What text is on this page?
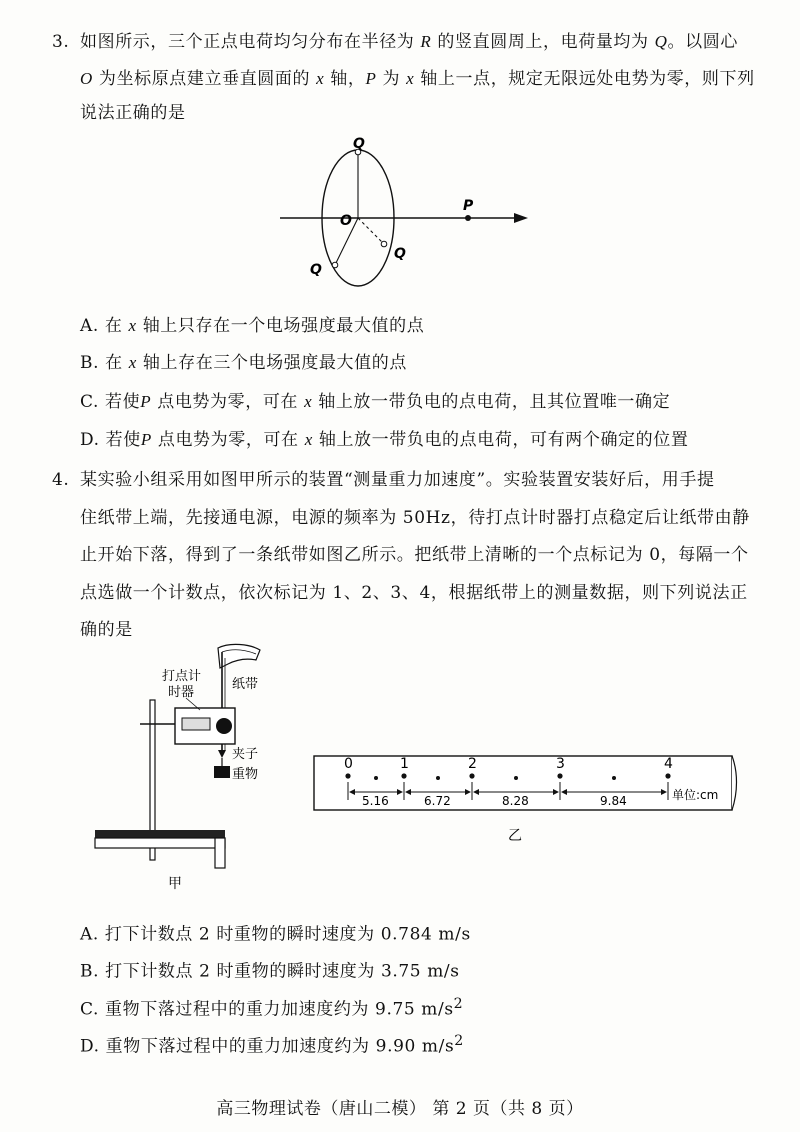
3. 如图所示，三个正点电荷均匀分布在半径为 R 的竖直圆周上，电荷量均为 Q。以圆心
O 为坐标原点建立垂直圆面的 x 轴，P 为 x 轴上一点，规定无限远处电势为零，则下列
说法正确的是
Q
O
P
Q
Q
A. 在 x 轴上只存在一个电场强度最大值的点
B. 在 x 轴上存在三个电场强度最大值的点
C. 若使P 点电势为零，可在 x 轴上放一带负电的点电荷，且其位置唯一确定
D. 若使P 点电势为零，可在 x 轴上放一带负电的点电荷，可有两个确定的位置
4. 某实验小组采用如图甲所示的装置“测量重力加速度”。实验装置安装好后，用手提
住纸带上端，先接通电源，电源的频率为 50Hz，待打点计时器打点稳定后让纸带由静
止开始下落，得到了一条纸带如图乙所示。把纸带上清晰的一个点标记为 0，每隔一个
点选做一个计数点，依次标记为 1、2、3、4，根据纸带上的测量数据，则下列说法正
确的是
打点计
时器
纸带
夹子
重物
甲
0
5.16
1
6.72
2
8.28
3
9.84
4
单位:cm
乙
A. 打下计数点 2 时重物的瞬时速度为 0.784 m/s
B. 打下计数点 2 时重物的瞬时速度为 3.75 m/s
C. 重物下落过程中的重力加速度约为 9.75 $m/s^2$
D. 重物下落过程中的重力加速度约为 9.90 $m/s^2$
高三物理试卷（唐山二模） 第 2 页（共 8 页）
